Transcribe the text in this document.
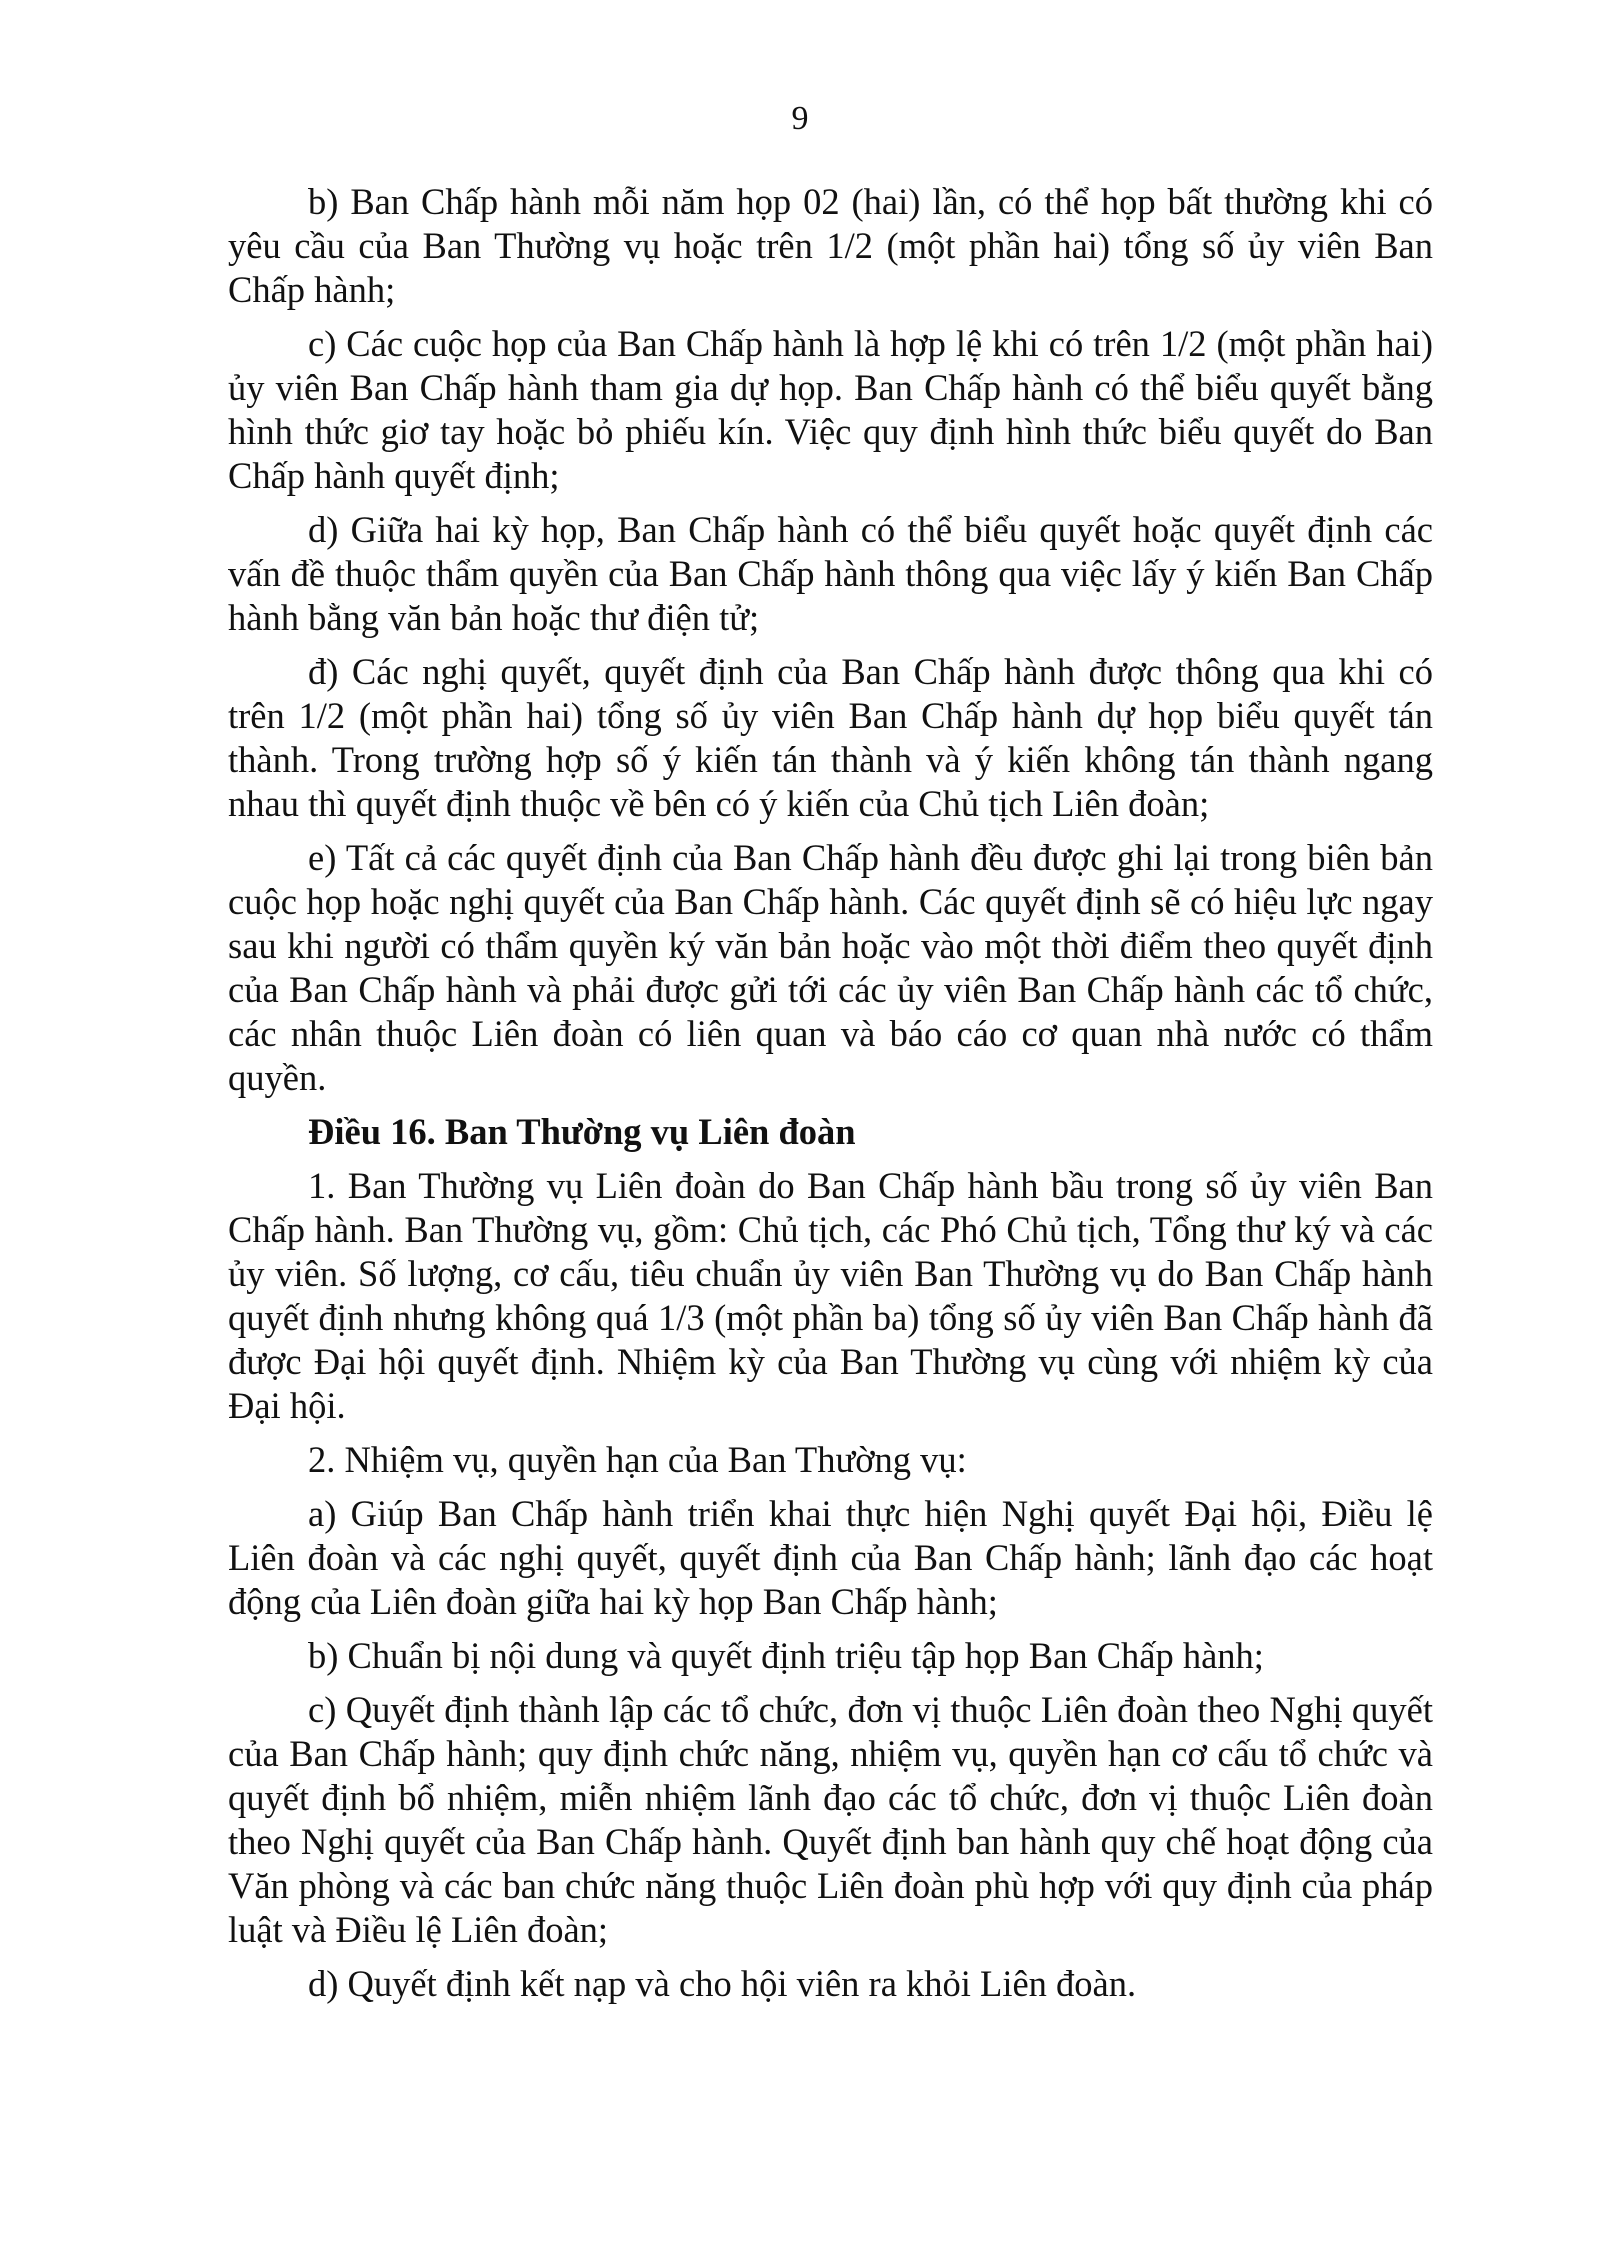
9

b) Ban Chấp hành mỗi năm họp 02 (hai) lần, có thể họp bất thường khi có yêu cầu của Ban Thường vụ hoặc trên 1/2 (một phần hai) tổng số ủy viên Ban Chấp hành;

c) Các cuộc họp của Ban Chấp hành là hợp lệ khi có trên 1/2 (một phần hai) ủy viên Ban Chấp hành tham gia dự họp. Ban Chấp hành có thể biểu quyết bằng hình thức giơ tay hoặc bỏ phiếu kín. Việc quy định hình thức biểu quyết do Ban Chấp hành quyết định;

d) Giữa hai kỳ họp, Ban Chấp hành có thể biểu quyết hoặc quyết định các vấn đề thuộc thẩm quyền của Ban Chấp hành thông qua việc lấy ý kiến Ban Chấp hành bằng văn bản hoặc thư điện tử;

đ) Các nghị quyết, quyết định của Ban Chấp hành được thông qua khi có trên 1/2 (một phần hai) tổng số ủy viên Ban Chấp hành dự họp biểu quyết tán thành. Trong trường hợp số ý kiến tán thành và ý kiến không tán thành ngang nhau thì quyết định thuộc về bên có ý kiến của Chủ tịch Liên đoàn;

e) Tất cả các quyết định của Ban Chấp hành đều được ghi lại trong biên bản cuộc họp hoặc nghị quyết của Ban Chấp hành. Các quyết định sẽ có hiệu lực ngay sau khi người có thẩm quyền ký văn bản hoặc vào một thời điểm theo quyết định của Ban Chấp hành và phải được gửi tới các ủy viên Ban Chấp hành các tổ chức, các nhân thuộc Liên đoàn có liên quan và báo cáo cơ quan nhà nước có thẩm quyền.

Điều 16. Ban Thường vụ Liên đoàn

1. Ban Thường vụ Liên đoàn do Ban Chấp hành bầu trong số ủy viên Ban Chấp hành. Ban Thường vụ, gồm: Chủ tịch, các Phó Chủ tịch, Tổng thư ký và các ủy viên. Số lượng, cơ cấu, tiêu chuẩn ủy viên Ban Thường vụ do Ban Chấp hành quyết định nhưng không quá 1/3 (một phần ba) tổng số ủy viên Ban Chấp hành đã được Đại hội quyết định. Nhiệm kỳ của Ban Thường vụ cùng với nhiệm kỳ của Đại hội.

2. Nhiệm vụ, quyền hạn của Ban Thường vụ:

a) Giúp Ban Chấp hành triển khai thực hiện Nghị quyết Đại hội, Điều lệ Liên đoàn và các nghị quyết, quyết định của Ban Chấp hành; lãnh đạo các hoạt động của Liên đoàn giữa hai kỳ họp Ban Chấp hành;

b) Chuẩn bị nội dung và quyết định triệu tập họp Ban Chấp hành;

c) Quyết định thành lập các tổ chức, đơn vị thuộc Liên đoàn theo Nghị quyết của Ban Chấp hành; quy định chức năng, nhiệm vụ, quyền hạn cơ cấu tổ chức và quyết định bổ nhiệm, miễn nhiệm lãnh đạo các tổ chức, đơn vị thuộc Liên đoàn theo Nghị quyết của Ban Chấp hành. Quyết định ban hành quy chế hoạt động của Văn phòng và các ban chức năng thuộc Liên đoàn phù hợp với quy định của pháp luật và Điều lệ Liên đoàn;

d) Quyết định kết nạp và cho hội viên ra khỏi Liên đoàn.
